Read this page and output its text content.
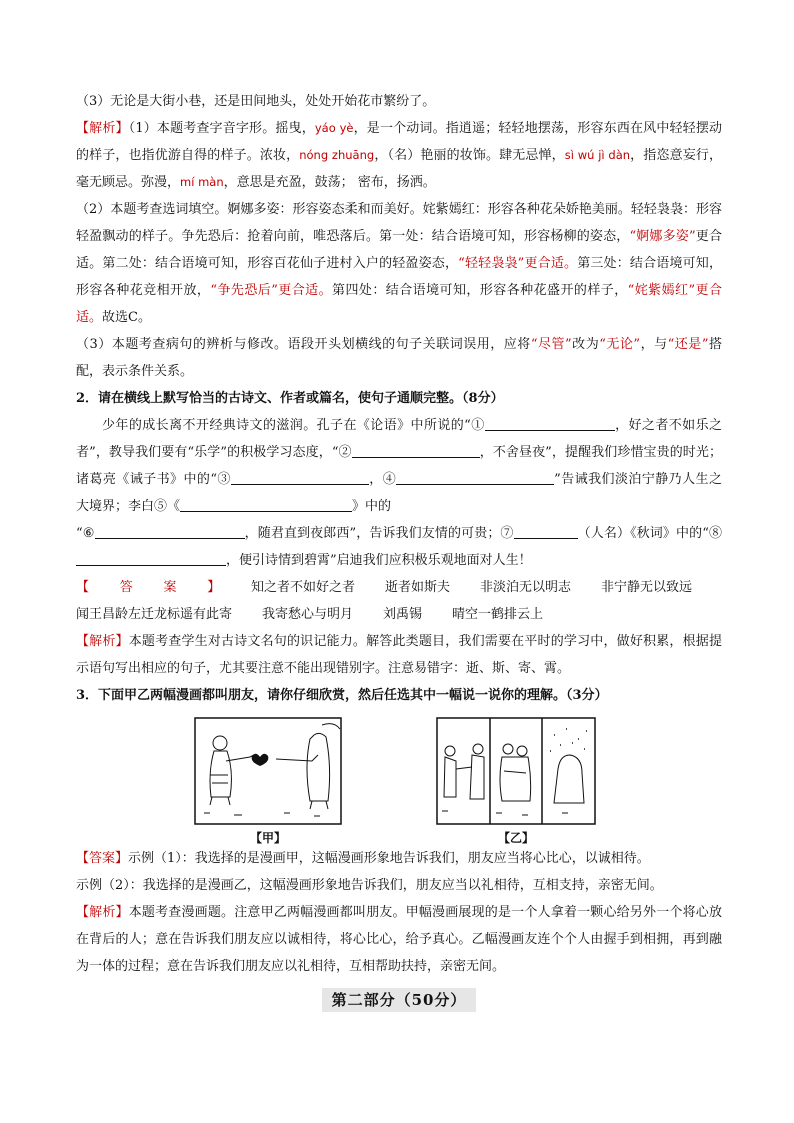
（3）无论是大街小巷，还是田间地头，处处开始花市繁纷了。

【解析】（1）本题考查字音字形。摇曳，yáo yè，是一个动词。指逍遥；轻轻地摆荡，形容东西在风中轻轻摆动的样子，也指优游自得的样子。浓妆，nóng zhuāng，（名）艳丽的妆饰。肆无忌惮，sì wú jì dàn，指恣意妄行，毫无顾忌。弥漫，mí màn，意思是充盈，鼓荡； 密布，扬洒。

（2）本题考查选词填空。婀娜多姿：形容姿态柔和而美好。姹紫嫣红：形容各种花朵娇艳美丽。轻轻袅袅：形容轻盈飘动的样子。争先恐后：抢着向前，唯恐落后。第一处：结合语境可知，形容杨柳的姿态，“婀娜多姿”更合适。第二处：结合语境可知，形容百花仙子进村入户的轻盈姿态，“轻轻袅袅”更合适。第三处：结合语境可知，形容各种花竞相开放，“争先恐后”更合适。第四处：结合语境可知，形容各种花盛开的样子，“姹紫嫣红”更合适。故选C。

（3）本题考查病句的辨析与修改。语段开头划横线的句子关联词误用，应将“尽管”改为“无论”，与“还是”搭配，表示条件关系。

2．请在横线上默写恰当的古诗文、作者或篇名，使句子通顺完整。（8分）

少年的成长离不开经典诗文的滋润。孔子在《论语》中所说的“①	，好之者不如乐之者”，教导我们要有“乐学”的积极学习态度，“②	，不舍昼夜”，提醒我们珍惜宝贵的时光；诸葛亮《诫子书》中的“③	，④	”告诫我们淡泊宁静乃人生之大境界；李白⑤《	》中的
“⑥	，随君直到夜郎西”，告诉我们友情的可贵；⑦	（人名）《秋词》中的“⑧，便引诗情到碧霄”启迪我们应积极乐观地面对人生！

【答案】知之者不如好之者 逝者如斯夫 非淡泊无以明志 非宁静无以致远闻王昌龄左迁龙标遥有此寄 我寄愁心与明月 刘禹锡 晴空一鹤排云上

【解析】本题考查学生对古诗文名句的识记能力。解答此类题目，我们需要在平时的学习中，做好积累，根据提示语句写出相应的句子，尤其要注意不能出现错别字。注意易错字：逝、斯、寄、霄。

3．下面甲乙两幅漫画都叫朋友，请你仔细欣赏，然后任选其中一幅说一说你的理解。（3分）

【甲】	【乙】

【答案】示例（1）：我选择的是漫画甲，这幅漫画形象地告诉我们，朋友应当将心比心，以诚相待。

示例（2）：我选择的是漫画乙，这幅漫画形象地告诉我们，朋友应当以礼相待，互相支持，亲密无间。

【解析】本题考查漫画题。注意甲乙两幅漫画都叫朋友。甲幅漫画展现的是一个人拿着一颗心给另外一个将心放在背后的人；意在告诉我们朋友应以诚相待，将心比心，给予真心。乙幅漫画友连个个人由握手到相拥，再到融为一体的过程；意在告诉我们朋友应以礼相待，互相帮助扶持，亲密无间。

第二部分（50分）
